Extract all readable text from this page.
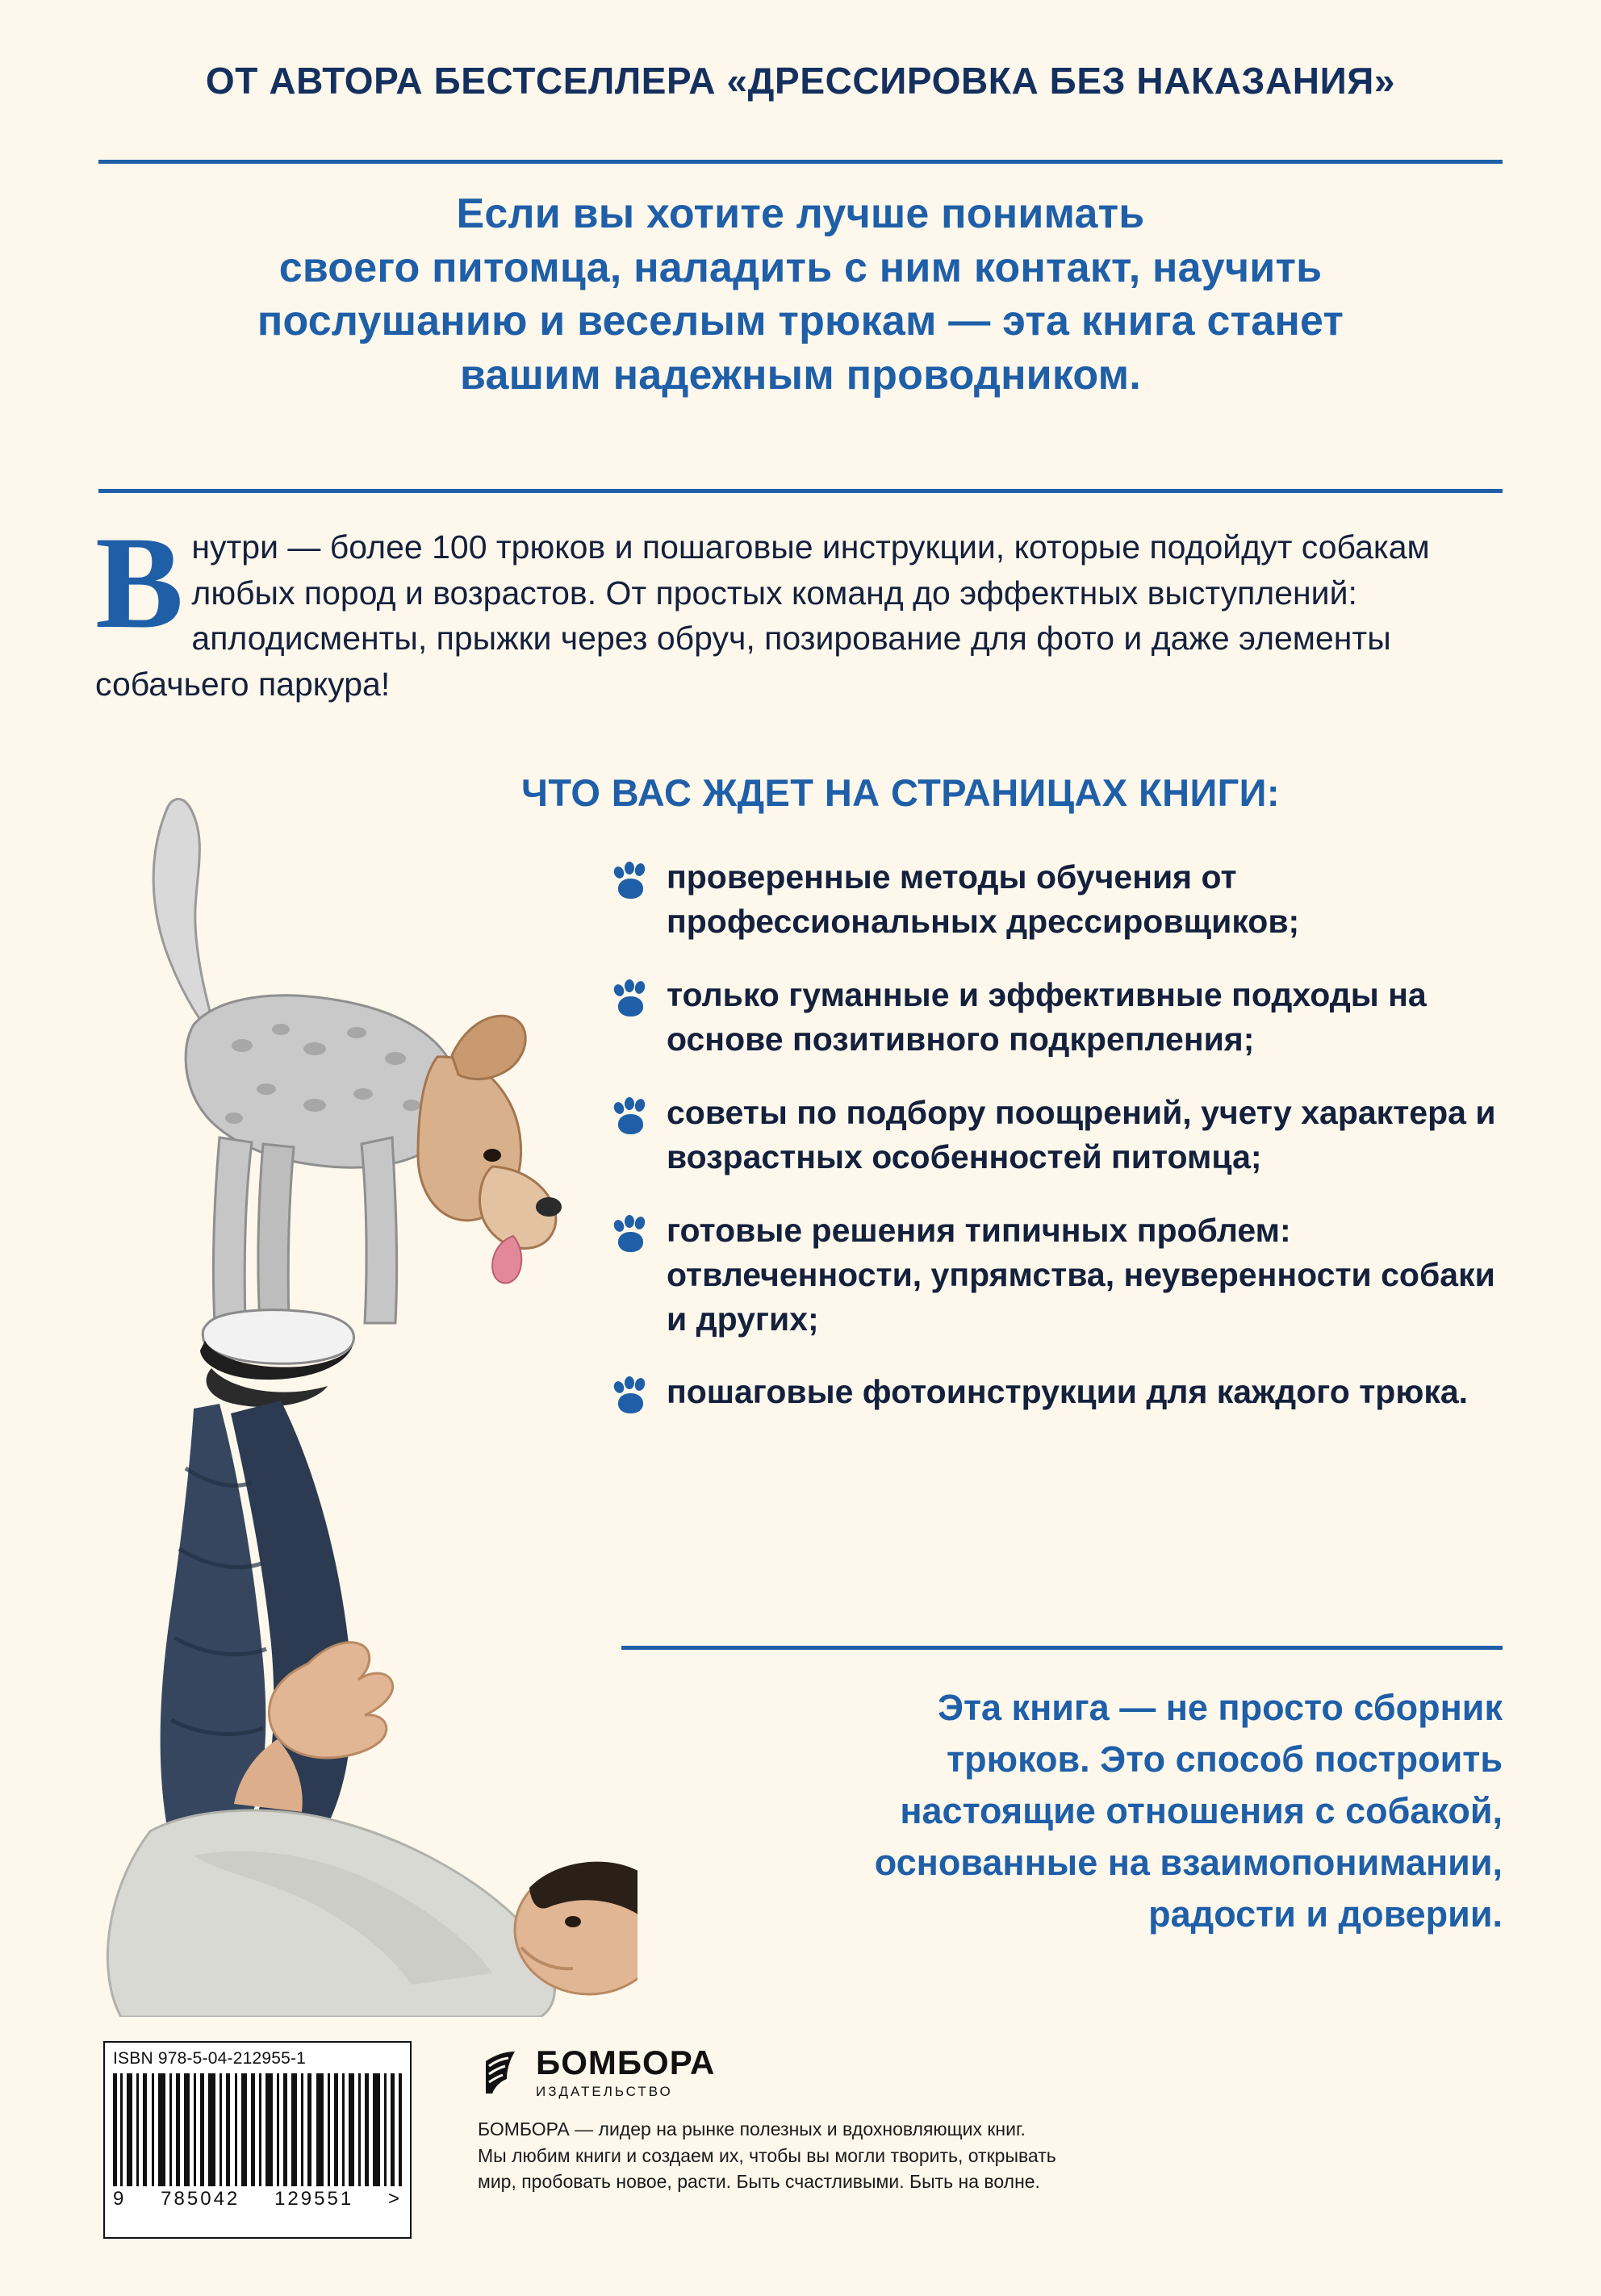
ОТ АВТОРА БЕСТСЕЛЛЕРА «ДРЕССИРОВКА БЕЗ НАКАЗАНИЯ»
Если вы хотите лучше понимать
своего питомца, наладить с ним контакт, научить
послушанию и веселым трюкам — эта книга станет
вашим надежным проводником.
Внутри — более 100 трюков и пошаговые инструкции, которые подойдут собакам любых пород и возрастов. От простых команд до эффектных выступлений: аплодисменты, прыжки через обруч, позирование для фото и даже элементы собачьего паркура!
ЧТО ВАС ЖДЕТ НА СТРАНИЦАХ КНИГИ:
проверенные методы обучения от профессиональных дрессировщиков;
только гуманные и эффективные подходы на основе позитивного подкрепления;
советы по подбору поощрений, учету характера и возрастных особенностей питомца;
готовые решения типичных проблем: отвлеченности, упрямства, неуверенности собаки и других;
пошаговые фотоинструкции для каждого трюка.
Эта книга — не просто сборник
трюков. Это способ построить
настоящие отношения с собакой,
основанные на взаимопонимании,
радости и доверии.
ISBN 978-5-04-212955-1
9 785042 129551 >
БОМБОРА
ИЗДАТЕЛЬСТВО
БОМБОРА — лидер на рынке полезных и вдохновляющих книг.
Мы любим книги и создаем их, чтобы вы могли творить, открывать
мир, пробовать новое, расти. Быть счастливыми. Быть на волне.
